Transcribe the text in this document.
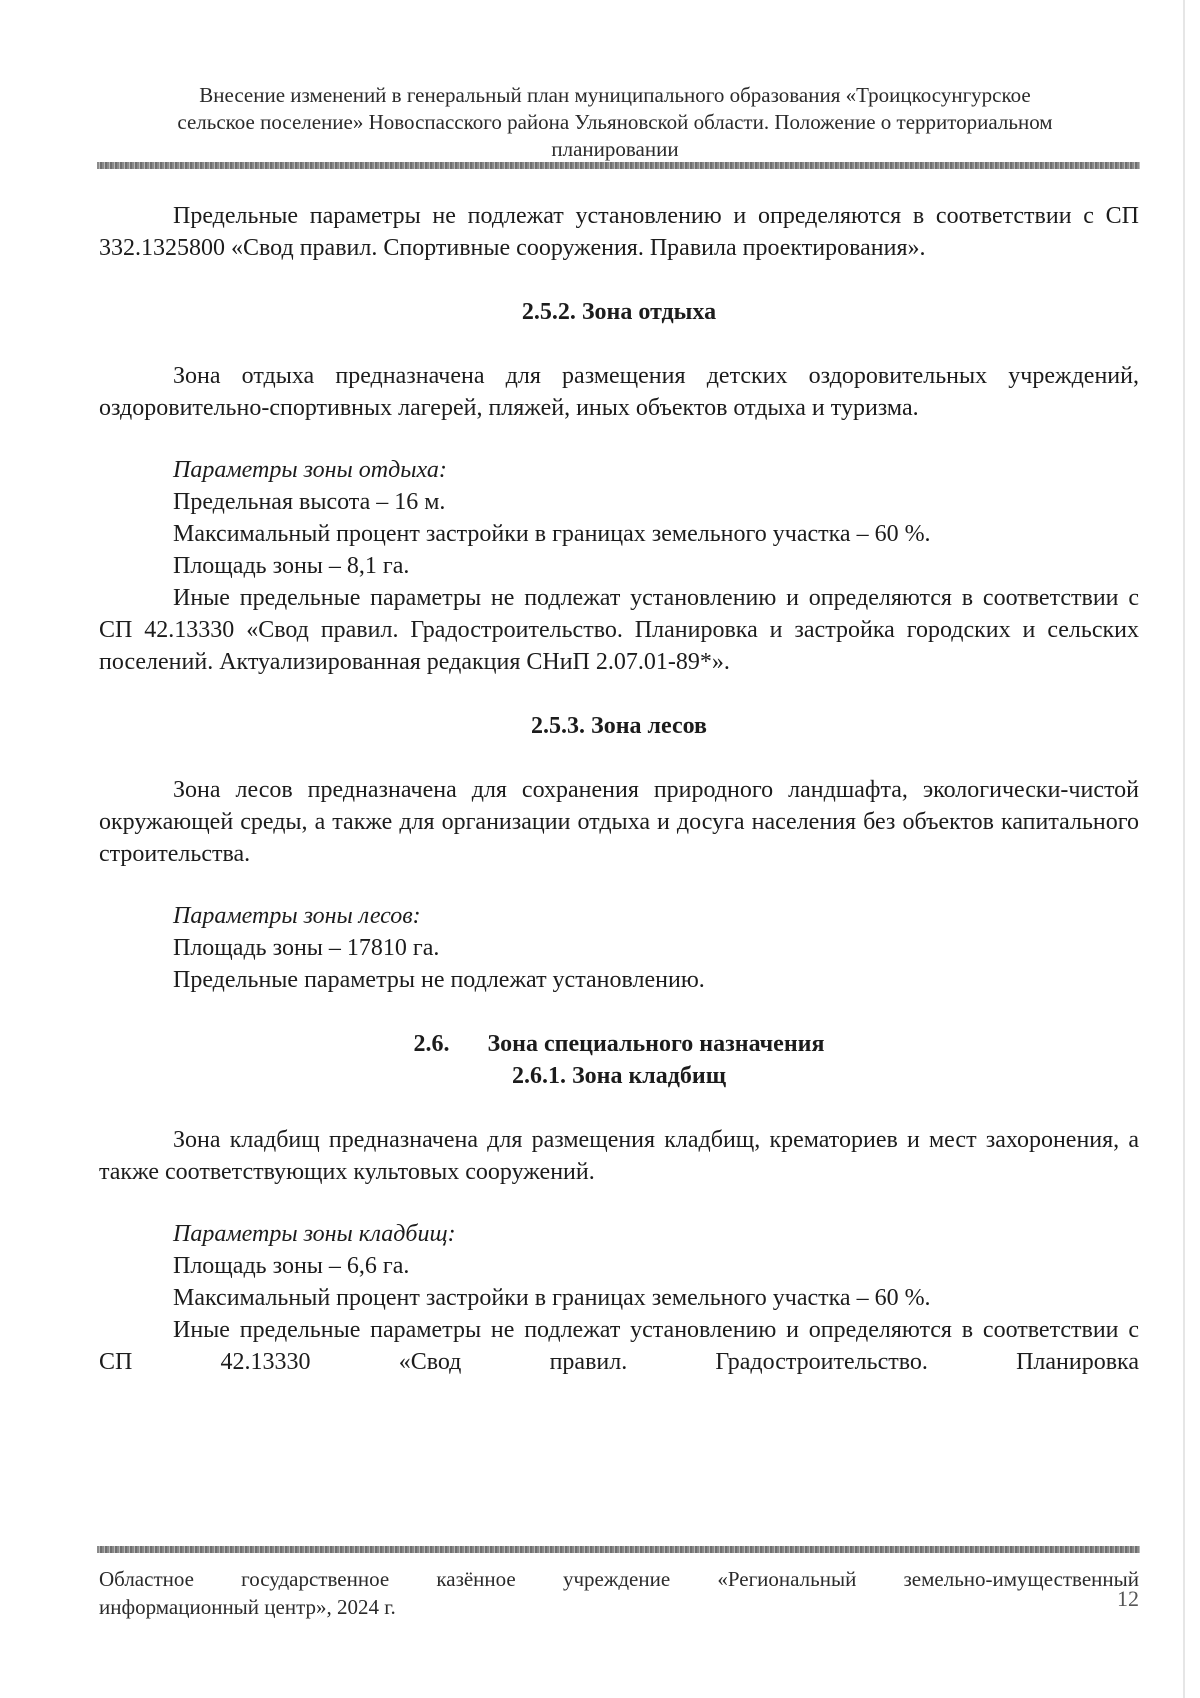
Внесение изменений в генеральный план муниципального образования «Троицкосунгурское
сельское поселение» Новоспасского района Ульяновской области. Положение о территориальном
планировании

Предельные параметры не подлежат установлению и определяются в соответствии с СП 332.1325800 «Свод правил. Спортивные сооружения. Правила проектирования».

2.5.2. Зона отдыха

Зона отдыха предназначена для размещения детских оздоровительных учреждений, оздоровительно-спортивных лагерей, пляжей, иных объектов отдыха и туризма.

Параметры зоны отдыха:

Предельная высота – 16 м.

Максимальный процент застройки в границах земельного участка – 60 %.

Площадь зоны – 8,1 га.

Иные предельные параметры не подлежат установлению и определяются в соответствии с СП 42.13330 «Свод правил. Градостроительство. Планировка и застройка городских и сельских поселений. Актуализированная редакция СНиП 2.07.01-89*».

2.5.3. Зона лесов

Зона лесов предназначена для сохранения природного ландшафта, экологически-чистой окружающей среды, а также для организации отдыха и досуга населения без объектов капитального строительства.

Параметры зоны лесов:

Площадь зоны – 17810 га.

Предельные параметры не подлежат установлению.

2.6. Зона специального назначения

2.6.1. Зона кладбищ

Зона кладбищ предназначена для размещения кладбищ, крематориев и мест захоронения, а также соответствующих культовых сооружений.

Параметры зоны кладбищ:

Площадь зоны – 6,6 га.

Максимальный процент застройки в границах земельного участка – 60 %.

Иные предельные параметры не подлежат установлению и определяются в соответствии с СП 42.13330 «Свод правил. Градостроительство. Планировка

Областное государственное казённое учреждение «Региональный земельно-имущественный
информационный центр», 2024 г.	12
